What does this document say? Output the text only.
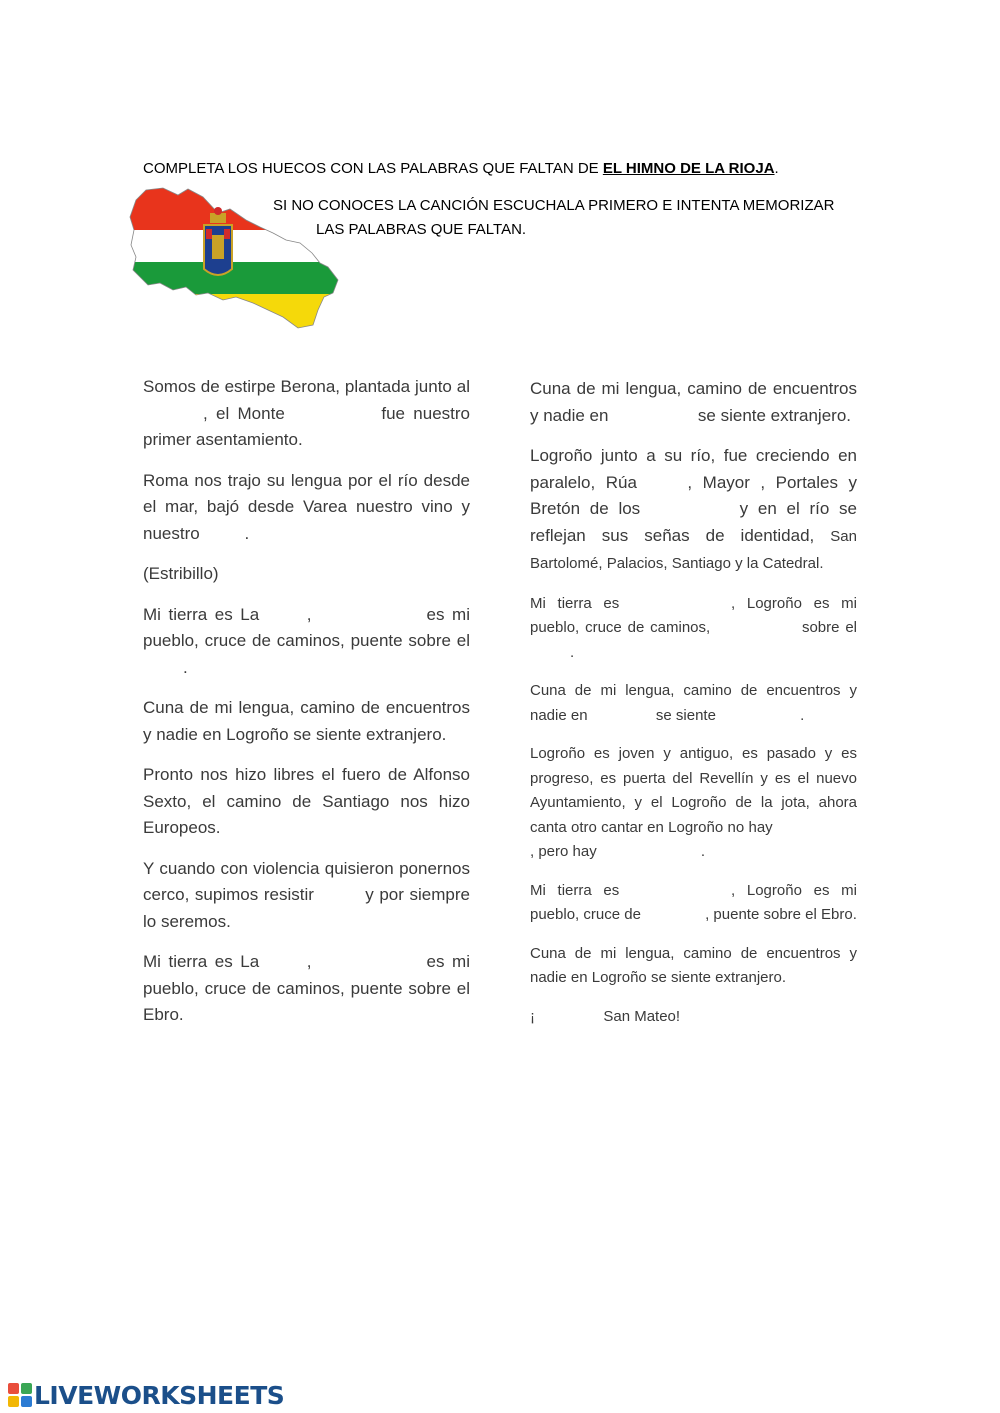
COMPLETA LOS HUECOS CON LAS PALABRAS QUE FALTAN DE EL HIMNO DE LA RIOJA.
SI NO CONOCES LA CANCIÓN ESCUCHALA PRIMERO E INTENTA MEMORIZAR
LAS PALABRAS QUE FALTAN.

Somos de estirpe Berona, plantada junto al , el Monte	fue nuestro primer asentamiento.

Roma nos trajo su lengua por el río desde el mar, bajó desde Varea nuestro vino y nuestro	.

(Estribillo)

Mi tierra es La	,	es mi pueblo, cruce de caminos, puente sobre el .

Cuna de mi lengua, camino de encuentros y nadie en Logroño se siente extranjero.

Pronto nos hizo libres el fuero de Alfonso Sexto, el camino de Santiago nos hizo Europeos.

Y cuando con violencia quisieron ponernos cerco, supimos resistir	y por siempre lo seremos.

Mi tierra es La	,	es mi pueblo, cruce de caminos, puente sobre el Ebro.

Cuna de mi lengua, camino de encuentros y nadie en	se siente extranjero.

Logroño junto a su río, fue creciendo en paralelo, Rúa	, Mayor , Portales y Bretón de los	y en el río se reflejan sus señas de identidad, San Bartolomé, Palacios, Santiago y la Catedral.

Mi tierra es	, Logroño es mi pueblo, cruce de caminos,	sobre el .

Cuna de mi lengua, camino de encuentros y nadie en	se siente	.

Logroño es joven y antiguo, es pasado y es progreso, es puerta del Revellín y es el nuevo Ayuntamiento, y el Logroño de la jota, ahora canta otro cantar en Logroño no hay , pero hay	.

Mi tierra es	, Logroño es mi pueblo, cruce de	, puente sobre el Ebro.

Cuna de mi lengua, camino de encuentros y nadie en Logroño se siente extranjero.

¡	San Mateo!

LIVEWORKSHEETS
